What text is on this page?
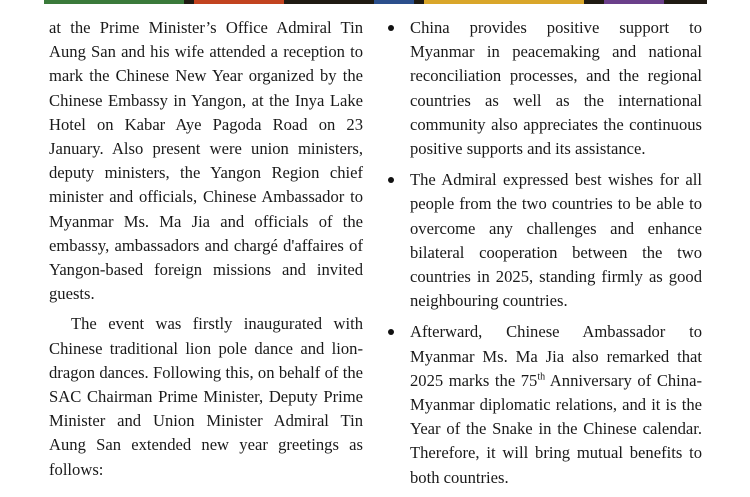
at the Prime Minister’s Office Admiral Tin Aung San and his wife attended a reception to mark the Chinese New Year organized by the Chinese Embassy in Yangon, at the Inya Lake Hotel on Kabar Aye Pagoda Road on 23 January. Also present were union ministers, deputy ministers, the Yangon Region chief minister and officials, Chinese Ambassador to Myanmar Ms. Ma Jia and officials of the embassy, ambassadors and chargé d'affaires of Yangon-based foreign missions and invited guests.

The event was firstly inaugurated with Chinese traditional lion pole dance and lion-dragon dances. Following this, on behalf of the SAC Chairman Prime Minister, Deputy Prime Minister and Union Minister Admiral Tin Aung San extended new year greetings as follows:

China provides positive support to Myanmar in peacemaking and national reconciliation processes, and the regional countries as well as the international community also appreciates the continuous positive supports and its assistance.
The Admiral expressed best wishes for all people from the two countries to be able to overcome any challenges and enhance bilateral cooperation between the two countries in 2025, standing firmly as good neighbouring countries.
Afterward, Chinese Ambassador to Myanmar Ms. Ma Jia also remarked that 2025 marks the 75th Anniversary of China-Myanmar diplomatic relations, and it is the Year of the Snake in the Chinese calendar. Therefore, it will bring mutual benefits to both countries.
